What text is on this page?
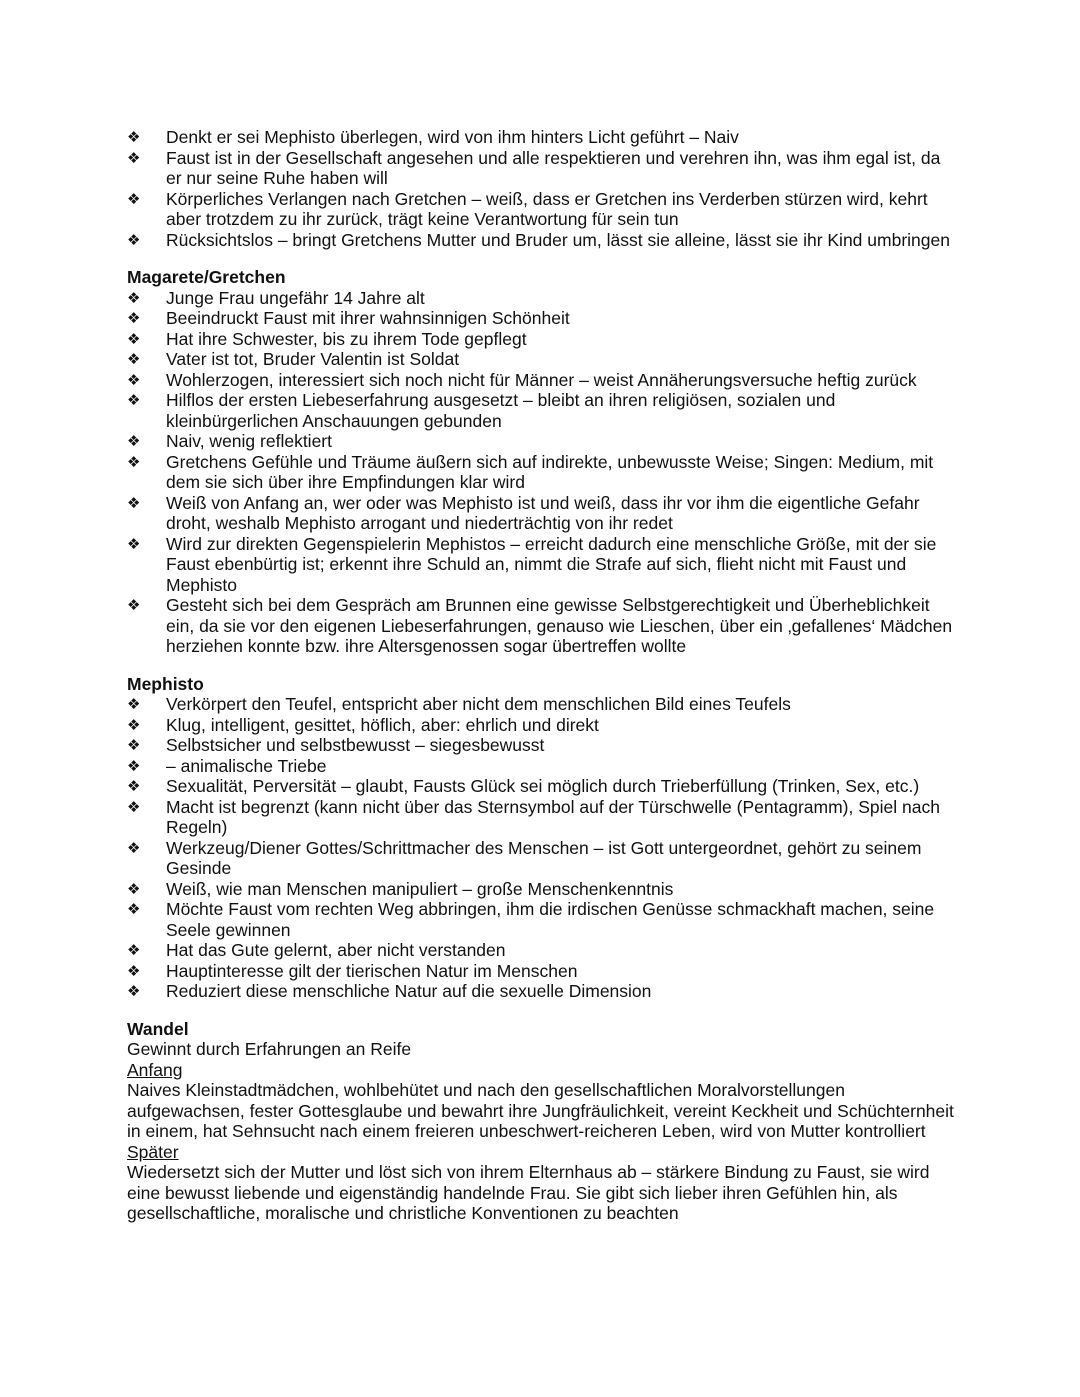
❖ Denkt er sei Mephisto überlegen, wird von ihm hinters Licht geführt – Naiv
❖ Faust ist in der Gesellschaft angesehen und alle respektieren und verehren ihn, was ihm egal ist, da er nur seine Ruhe haben will
❖ Körperliches Verlangen nach Gretchen – weiß, dass er Gretchen ins Verderben stürzen wird, kehrt aber trotzdem zu ihr zurück, trägt keine Verantwortung für sein tun
❖ Rücksichtslos – bringt Gretchens Mutter und Bruder um, lässt sie alleine, lässt sie ihr Kind umbringen
Magarete/Gretchen
❖ Junge Frau ungefähr 14 Jahre alt
❖ Beeindruckt Faust mit ihrer wahnsinnigen Schönheit
❖ Hat ihre Schwester, bis zu ihrem Tode gepflegt
❖ Vater ist tot, Bruder Valentin ist Soldat
❖ Wohlerzogen, interessiert sich noch nicht für Männer – weist Annäherungsversuche heftig zurück
❖ Hilflos der ersten Liebeserfahrung ausgesetzt – bleibt an ihren religiösen, sozialen und kleinbürgerlichen Anschauungen gebunden
❖ Naiv, wenig reflektiert
❖ Gretchens Gefühle und Träume äußern sich auf indirekte, unbewusste Weise; Singen: Medium, mit dem sie sich über ihre Empfindungen klar wird
❖ Weiß von Anfang an, wer oder was Mephisto ist und weiß, dass ihr vor ihm die eigentliche Gefahr droht, weshalb Mephisto arrogant und niederträchtig von ihr redet
❖ Wird zur direkten Gegenspielerin Mephistos – erreicht dadurch eine menschliche Größe, mit der sie Faust ebenbürtig ist; erkennt ihre Schuld an, nimmt die Strafe auf sich, flieht nicht mit Faust und Mephisto
❖ Gesteht sich bei dem Gespräch am Brunnen eine gewisse Selbstgerechtigkeit und Überheblichkeit ein, da sie vor den eigenen Liebeserfahrungen, genauso wie Lieschen, über ein ‚gefallenes‘ Mädchen herziehen konnte bzw. ihre Altersgenossen sogar übertreffen wollte
Mephisto
❖ Verkörpert den Teufel, entspricht aber nicht dem menschlichen Bild eines Teufels
❖ Klug, intelligent, gesittet, höflich, aber: ehrlich und direkt
❖ Selbstsicher und selbstbewusst – siegesbewusst
❖ – animalische Triebe
❖ Sexualität, Perversität – glaubt, Fausts Glück sei möglich durch Trieberfüllung (Trinken, Sex, etc.)
❖ Macht ist begrenzt (kann nicht über das Sternsymbol auf der Türschwelle (Pentagramm), Spiel nach Regeln)
❖ Werkzeug/Diener Gottes/Schrittmacher des Menschen – ist Gott untergeordnet, gehört zu seinem Gesinde
❖ Weiß, wie man Menschen manipuliert – große Menschenkenntnis
❖ Möchte Faust vom rechten Weg abbringen, ihm die irdischen Genüsse schmackhaft machen, seine Seele gewinnen
❖ Hat das Gute gelernt, aber nicht verstanden
❖ Hauptinteresse gilt der tierischen Natur im Menschen
❖ Reduziert diese menschliche Natur auf die sexuelle Dimension
Wandel

Gewinnt durch Erfahrungen an Reife

Anfang

Naives Kleinstadtmädchen, wohlbehütet und nach den gesellschaftlichen Moralvorstellungen aufgewachsen, fester Gottesglaube und bewahrt ihre Jungfräulichkeit, vereint Keckheit und Schüchternheit in einem, hat Sehnsucht nach einem freieren unbeschwert-reicheren Leben, wird von Mutter kontrolliert

Später

Wiedersetzt sich der Mutter und löst sich von ihrem Elternhaus ab – stärkere Bindung zu Faust, sie wird eine bewusst liebende und eigenständig handelnde Frau. Sie gibt sich lieber ihren Gefühlen hin, als gesellschaftliche, moralische und christliche Konventionen zu beachten
